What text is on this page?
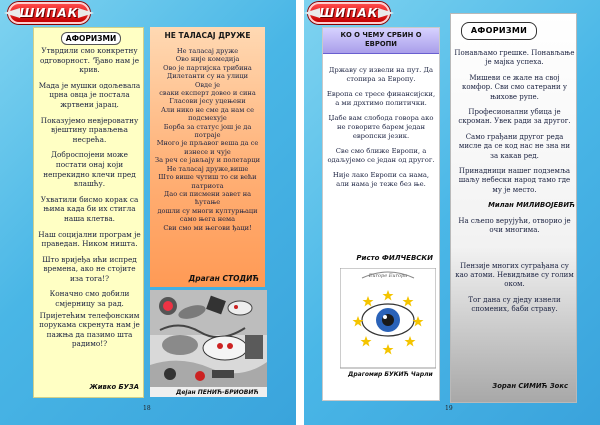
ШИПАК
АФОРИЗМИ

Утврдили смо конкретну одговорност. 'Ђаво нам је крив.

Мада је мушки одољевала црна овца је постала жртвени јарац.

Показујемо невјероватну вјештину прављења несрећа.

Доброспојени може постати онај који непрекидно клечи пред влашћу.

Ухватили бисмо корак са њима када би их стигла наша клетва.

Наш социјални програм је праведан. Ником ништа.

Што вријеђа ићи испред времена, ако не стојите иза тога!?

Коначно смо добили смјерницу за рад.

Пријетећим телефонским порукама скренута нам је пажња да пазимо шта радимо!?

Живко БУЗА
НЕ ТАЛАСАЈ ДРУЖЕ
Не таласај друже
Ово није комедија
Ово је партијска трибина
Дилетанти су на улици
Овде је
сваки експерт довео и сина
Гласови јесу уцењени
Али нико не сме да нам се
подсмехује
Борба за статус још је да
потраје
Много је прљавог веша да се
изнесе и чује
За реч се јављају и полетарци
Не таласај друже,више
Што више чутиш то си већи
патриота
Дао си писмени завет на
ћутање
дошли су многи културњаци
само њега нема
Сви смо ми његови ђаци!
Драган СТОДИЋ
Дејан ПЕНИЋ-БРИОВИЋ
18
ШИПАК
19
КО О ЧЕМУ СРБИН О ЕВРОПИ

Државу су извели на пут. Да стопира за Европу.

Европа се тресе финансијски, а ми дрхтимо политички.

Џабе вам слобода говора ако не говорите барем један европски језик.

Све смо ближе Европи, а одаљујемо се један од другог.

Није лако Европи са нама, али нама је теже без ње.

Ристо ФИЛЧЕВСКИ
Europe Europa
Драгомир БУКИЋ Чарли
АФОРИЗМИ

Понављамо грешке. Понављање је мајка успеха.

Мишеви се жале на свој комфор. Сви смо сатерани у њихове рупе.

Професионални убица је скроман. Увек ради за другог.

Само грађани другог реда мисле да се код нас не зна ни за какав ред.

Принадници нашег подземља шаљу небески народ тамо где му је место.

Милан МИЛИВОЈЕВИЋ

На сљепо верујући, отворио је очи многима.

Пензије многих суграђана су као атоми. Невидљиве су голим оком.

Тог дана су дједу изнели спомених, баби страву.

Зоран СИМИЋ Зокс
